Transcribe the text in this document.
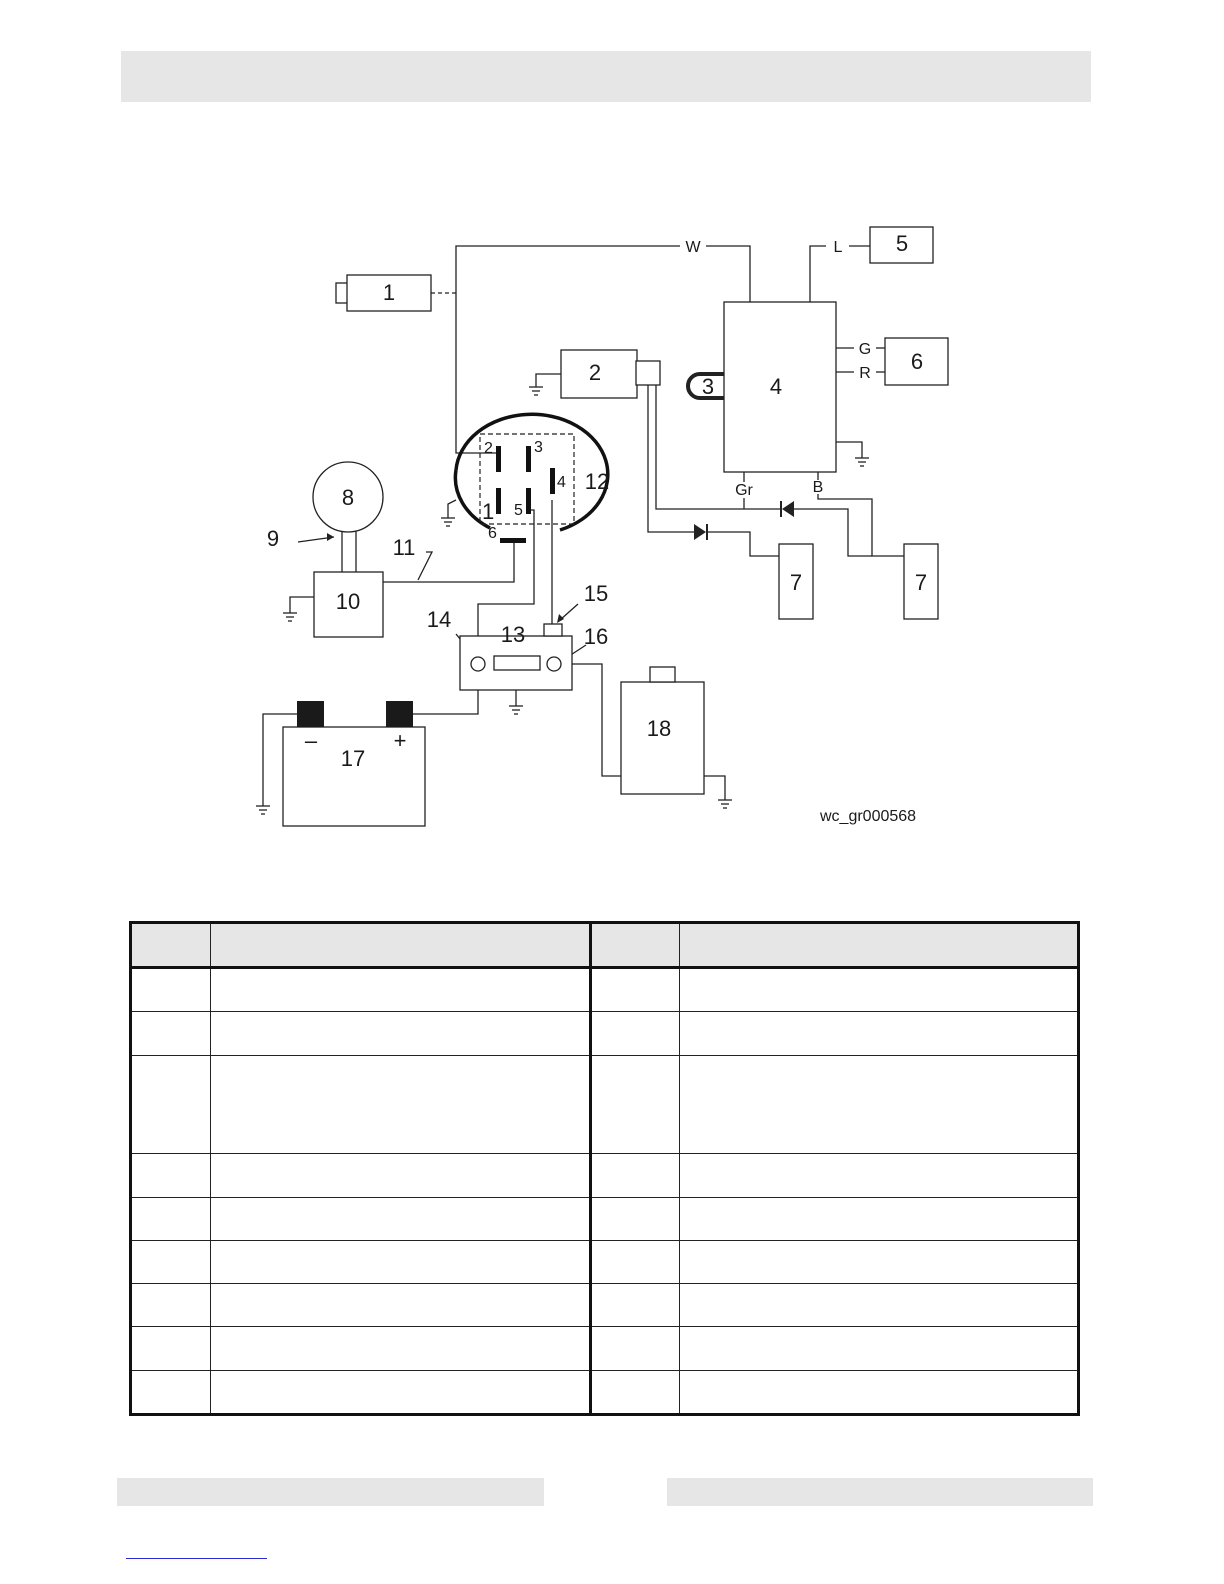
1
2
3	4
5
6
7	7
8
9
10
11
12
13
14
15
16
17
18
2	3
4
1 5
6
W	L
G
R
Gr	B
–	+
wc_gr000568
